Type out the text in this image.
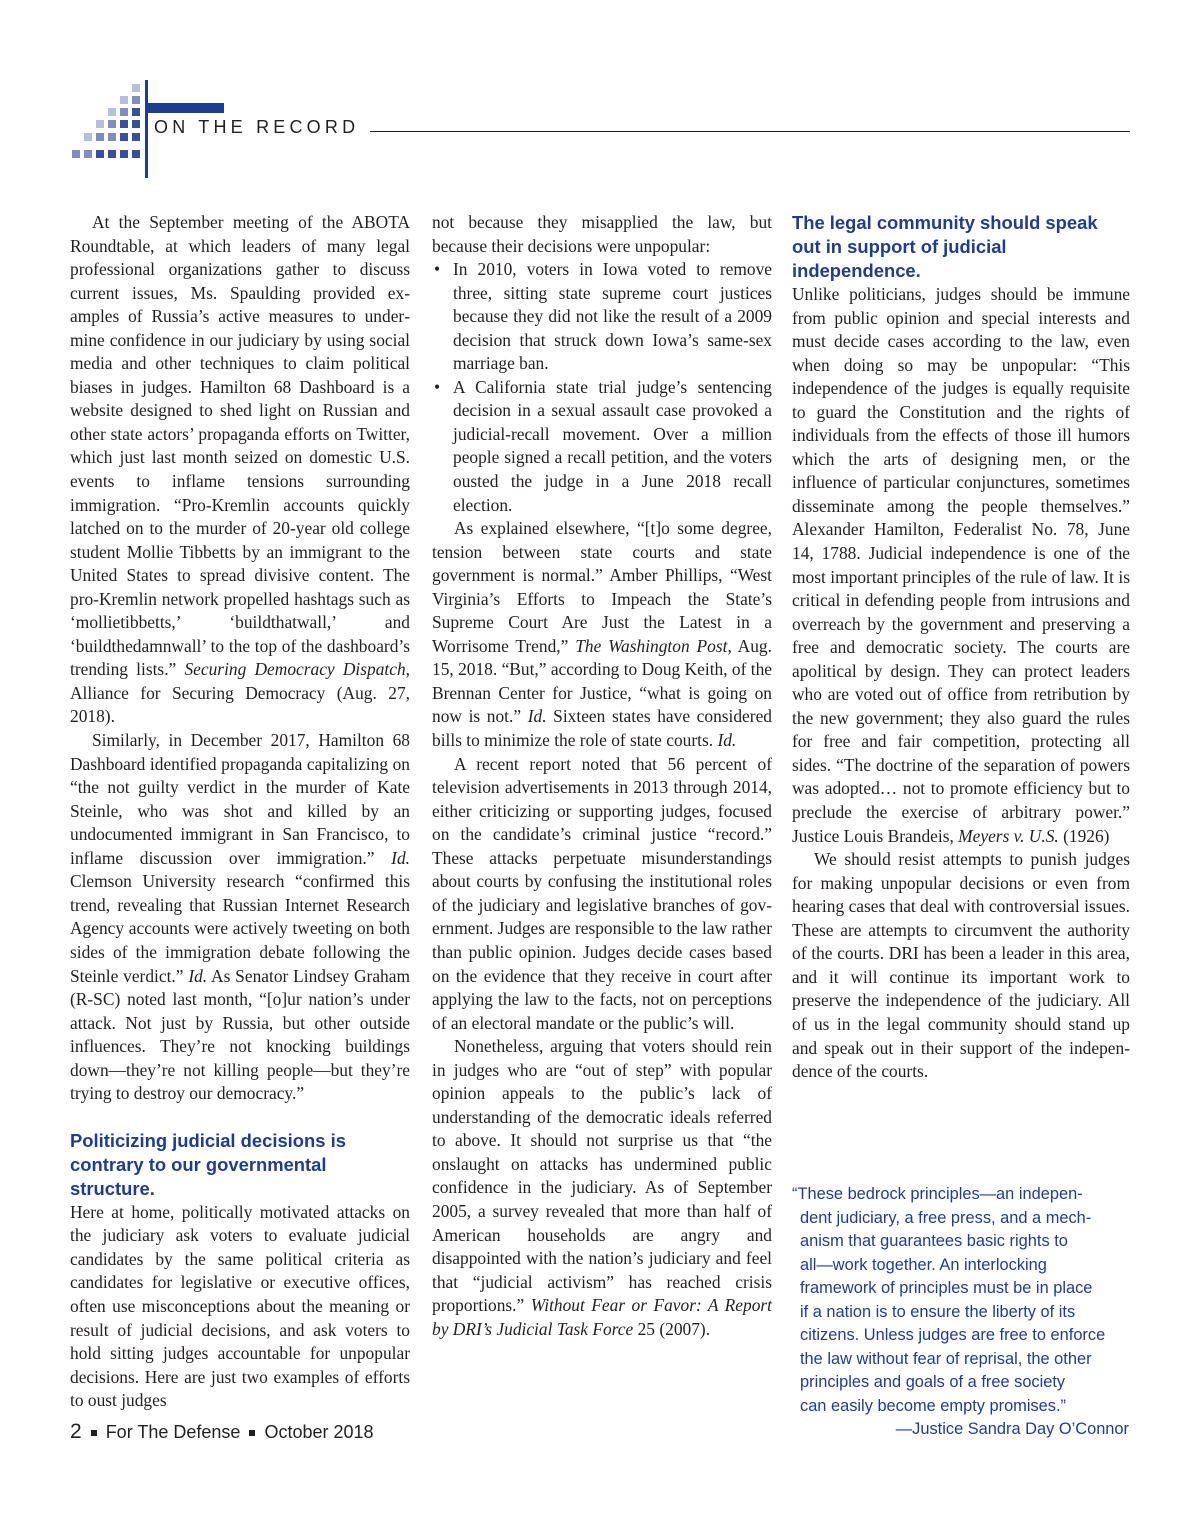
ON THE RECORD

At the September meeting of the ABOTA Roundtable, at which leaders of many legal professional organizations gather to discuss current issues, Ms. Spaulding provided examples of Russia’s active measures to undermine confidence in our judiciary by using social media and other techniques to claim political biases in judges. Hamilton 68 Dashboard is a website designed to shed light on Russian and other state actors’ propaganda efforts on Twitter, which just last month seized on domestic U.S. events to inflame tensions surrounding immigration. “Pro-Kremlin accounts quickly latched on to the murder of 20-year old college student Mollie Tibbetts by an immigrant to the United States to spread divisive content. The pro-Kremlin network propelled hashtags such as ‘mollietibbetts,’ ‘buildthatwall,’ and ‘buildthedamnwall’ to the top of the dashboard’s trending lists.” Securing Democracy Dispatch, Alliance for Securing Democracy (Aug. 27, 2018).

Similarly, in December 2017, Hamilton 68 Dashboard identified propaganda capitalizing on “the not guilty verdict in the murder of Kate Steinle, who was shot and killed by an undocumented immigrant in San Francisco, to inflame discussion over immigration.” Id. Clemson University research “confirmed this trend, revealing that Russian Internet Research Agency accounts were actively tweeting on both sides of the immigration debate following the Steinle verdict.” Id. As Senator Lindsey Graham (R-SC) noted last month, “[o]ur nation’s under attack. Not just by Russia, but other outside influences. They’re not knocking buildings down—they’re not killing people—but they’re trying to destroy our democracy.”

Politicizing judicial decisions is contrary to our governmental structure.

Here at home, politically motivated attacks on the judiciary ask voters to evaluate judicial candidates by the same political criteria as candidates for legislative or executive offices, often use misconceptions about the meaning or result of judicial decisions, and ask voters to hold sitting judges accountable for unpopular decisions. Here are just two examples of efforts to oust judges

not because they misapplied the law, but because their decisions were unpopular:

• In 2010, voters in Iowa voted to remove three, sitting state supreme court justices because they did not like the result of a 2009 decision that struck down Iowa’s same-sex marriage ban.
• A California state trial judge’s sentencing decision in a sexual assault case provoked a judicial-recall movement. Over a million people signed a recall petition, and the voters ousted the judge in a June 2018 recall election.

As explained elsewhere, “[t]o some degree, tension between state courts and state government is normal.” Amber Phillips, “West Virginia’s Efforts to Impeach the State’s Supreme Court Are Just the Latest in a Worrisome Trend,” The Washington Post, Aug. 15, 2018. “But,” according to Doug Keith, of the Brennan Center for Justice, “what is going on now is not.” Id. Sixteen states have considered bills to minimize the role of state courts. Id.

A recent report noted that 56 percent of television advertisements in 2013 through 2014, either criticizing or supporting judges, focused on the candidate’s criminal justice “record.” These attacks perpetuate misunderstandings about courts by confusing the institutional roles of the judiciary and legislative branches of government. Judges are responsible to the law rather than public opinion. Judges decide cases based on the evidence that they receive in court after applying the law to the facts, not on perceptions of an electoral mandate or the public’s will.

Nonetheless, arguing that voters should rein in judges who are “out of step” with popular opinion appeals to the public’s lack of understanding of the democratic ideals referred to above. It should not surprise us that “the onslaught on attacks has undermined public confidence in the judiciary. As of September 2005, a survey revealed that more than half of American households are angry and disappointed with the nation’s judiciary and feel that “judicial activism” has reached crisis proportions.” Without Fear or Favor: A Report by DRI’s Judicial Task Force 25 (2007).

The legal community should speak out in support of judicial independence.

Unlike politicians, judges should be immune from public opinion and special interests and must decide cases according to the law, even when doing so may be unpopular: “This independence of the judges is equally requisite to guard the Constitution and the rights of individuals from the effects of those ill humors which the arts of designing men, or the influence of particular conjunctures, sometimes disseminate among the people themselves.” Alexander Hamilton, Federalist No. 78, June 14, 1788. Judicial independence is one of the most important principles of the rule of law. It is critical in defending people from intrusions and overreach by the government and preserving a free and democratic society. The courts are apolitical by design. They can protect leaders who are voted out of office from retribution by the new government; they also guard the rules for free and fair competition, protecting all sides. “The doctrine of the separation of powers was adopted… not to promote efficiency but to preclude the exercise of arbitrary power.” Justice Louis Brandeis, Meyers v. U.S. (1926)

We should resist attempts to punish judges for making unpopular decisions or even from hearing cases that deal with controversial issues. These are attempts to circumvent the authority of the courts. DRI has been a leader in this area, and it will continue its important work to preserve the independence of the judiciary. All of us in the legal community should stand up and speak out in their support of the independence of the courts.

“These bedrock principles—an indepen-
dent judiciary, a free press, and a mech-
anism that guarantees basic rights to
all—work together. An interlocking
framework of principles must be in place
if a nation is to ensure the liberty of its
citizens. Unless judges are free to enforce
the law without fear of reprisal, the other
principles and goals of a free society
can easily become empty promises.”
—Justice Sandra Day O’Connor
2 For The Defense October 2018
